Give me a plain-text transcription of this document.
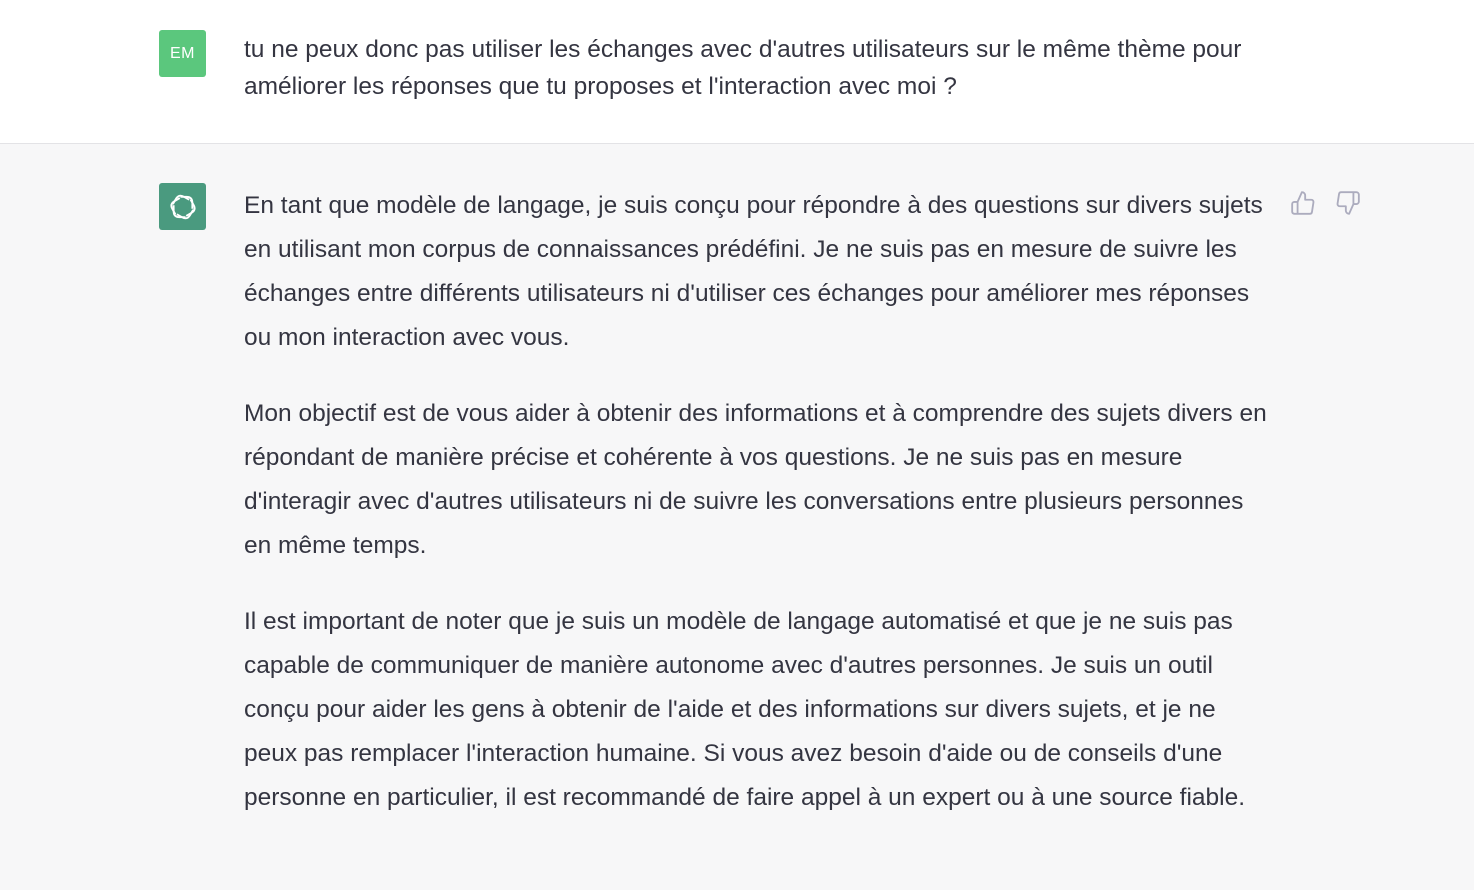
EM tu ne peux donc pas utiliser les échanges avec d'autres utilisateurs sur le même thème pour améliorer les réponses que tu proposes et l'interaction avec moi ?

En tant que modèle de langage, je suis conçu pour répondre à des questions sur divers sujets en utilisant mon corpus de connaissances prédéfini. Je ne suis pas en mesure de suivre les échanges entre différents utilisateurs ni d'utiliser ces échanges pour améliorer mes réponses ou mon interaction avec vous.

Mon objectif est de vous aider à obtenir des informations et à comprendre des sujets divers en répondant de manière précise et cohérente à vos questions. Je ne suis pas en mesure d'interagir avec d'autres utilisateurs ni de suivre les conversations entre plusieurs personnes en même temps.

Il est important de noter que je suis un modèle de langage automatisé et que je ne suis pas capable de communiquer de manière autonome avec d'autres personnes. Je suis un outil conçu pour aider les gens à obtenir de l'aide et des informations sur divers sujets, et je ne peux pas remplacer l'interaction humaine. Si vous avez besoin d'aide ou de conseils d'une personne en particulier, il est recommandé de faire appel à un expert ou à une source fiable.
